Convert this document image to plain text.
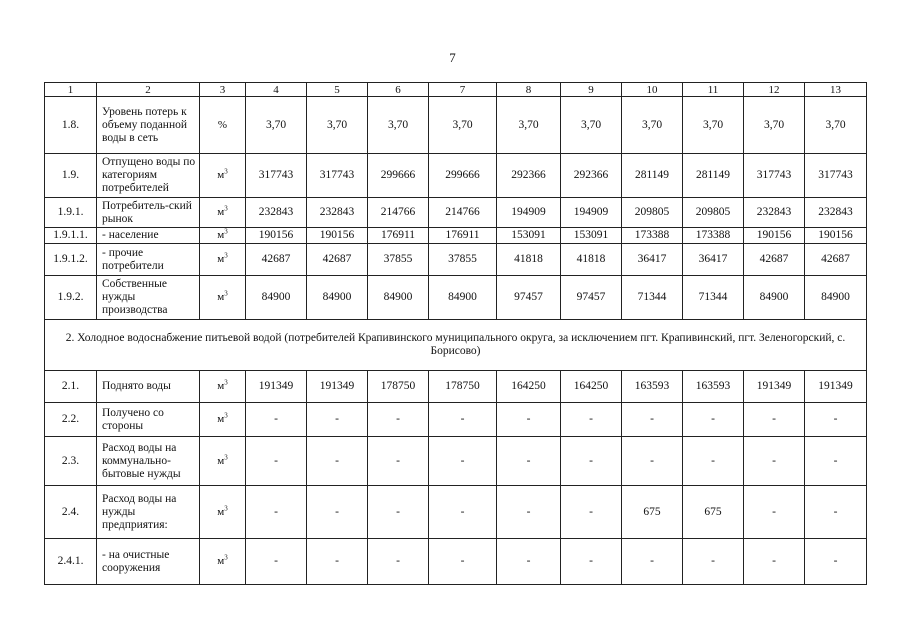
7
1	2	3	4	5	6	7	8	9	10	11	12	13
1.8.	Уровень потерь к объему поданной воды в сеть	%	3,70	3,70	3,70	3,70	3,70	3,70	3,70	3,70	3,70	3,70
1.9.	Отпущено воды по категориям потребителей	$м^3$	317743	317743	299666	299666	292366	292366	281149	281149	317743	317743
1.9.1.	Потребитель-ский рынок	$м^3$	232843	232843	214766	214766	194909	194909	209805	209805	232843	232843
1.9.1.1.	- население	$м^3$	190156	190156	176911	176911	153091	153091	173388	173388	190156	190156
1.9.1.2.	- прочие потребители	$м^3$	42687	42687	37855	37855	41818	41818	36417	36417	42687	42687
1.9.2.	Собственные нужды производства	$м^3$	84900	84900	84900	84900	97457	97457	71344	71344	84900	84900
2. Холодное водоснабжение питьевой водой (потребителей Крапивинского муниципального округа, за исключением пгт. Крапивинский, пгт. Зеленогорский, с. Борисово)												
2.1.	Поднято воды	$м^3$	191349	191349	178750	178750	164250	164250	163593	163593	191349	191349
2.2.	Получено со стороны	$м^3$	-	-	-	-	-	-	-	-	-	-
2.3.	Расход воды на коммунально-бытовые нужды	$м^3$	-	-	-	-	-	-	-	-	-	-
2.4.	Расход воды на нужды предприятия:	$м^3$	-	-	-	-	-	-	675	675	-	-
2.4.1.	- на очистные сооружения	$м^3$	-	-	-	-	-	-	-	-	-	-
